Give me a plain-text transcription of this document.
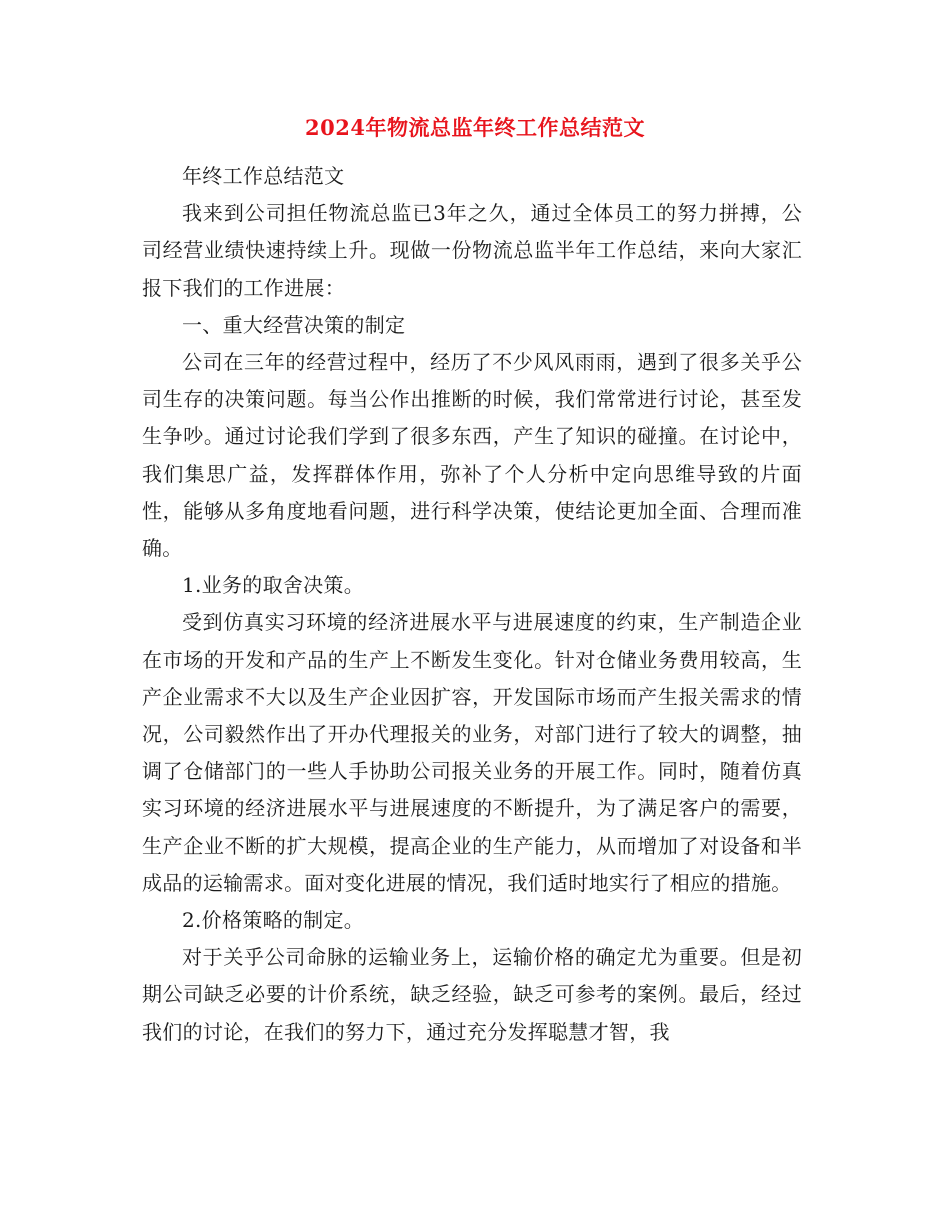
2024年物流总监年终工作总结范文

年终工作总结范文

我来到公司担任物流总监已3年之久，通过全体员工的努力拼搏，公司经营业绩快速持续上升。现做一份物流总监半年工作总结，来向大家汇报下我们的工作进展：

一、重大经营决策的制定

公司在三年的经营过程中，经历了不少风风雨雨，遇到了很多关乎公司生存的决策问题。每当公作出推断的时候，我们常常进行讨论，甚至发生争吵。通过讨论我们学到了很多东西，产生了知识的碰撞。在讨论中，我们集思广益，发挥群体作用，弥补了个人分析中定向思维导致的片面性，能够从多角度地看问题，进行科学决策，使结论更加全面、合理而准确。

1.业务的取舍决策。

受到仿真实习环境的经济进展水平与进展速度的约束，生产制造企业在市场的开发和产品的生产上不断发生变化。针对仓储业务费用较高，生产企业需求不大以及生产企业因扩容，开发国际市场而产生报关需求的情况，公司毅然作出了开办代理报关的业务，对部门进行了较大的调整，抽调了仓储部门的一些人手协助公司报关业务的开展工作。同时，随着仿真实习环境的经济进展水平与进展速度的不断提升，为了满足客户的需要，生产企业不断的扩大规模，提高企业的生产能力，从而增加了对设备和半成品的运输需求。面对变化进展的情况，我们适时地实行了相应的措施。

2.价格策略的制定。

对于关乎公司命脉的运输业务上，运输价格的确定尤为重要。但是初期公司缺乏必要的计价系统，缺乏经验，缺乏可参考的案例。最后，经过我们的讨论，在我们的努力下，通过充分发挥聪慧才智，我
